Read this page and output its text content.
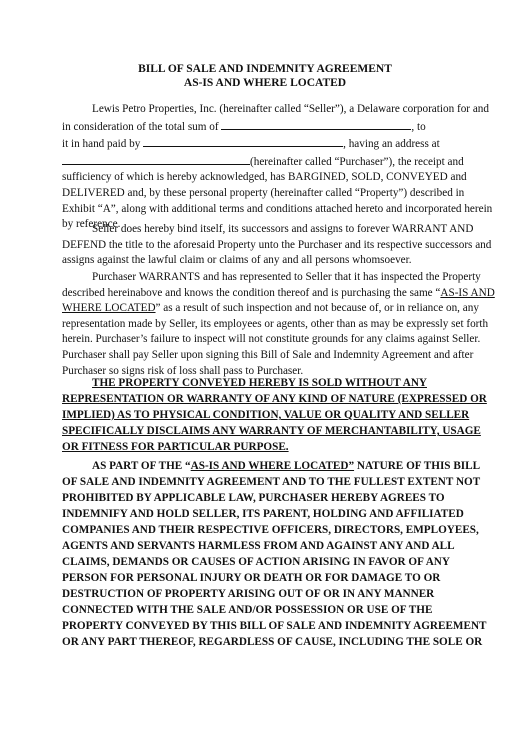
BILL OF SALE AND INDEMNITY AGREEMENT
AS-IS AND WHERE LOCATED

Lewis Petro Properties, Inc. (hereinafter called “Seller”), a Delaware corporation for and

in consideration of the total sum of	, to

it in hand paid by	, having an address at

(hereinafter called “Purchaser”), the receipt and

sufficiency of which is hereby acknowledged, has BARGINED, SOLD, CONVEYED and

DELIVERED and, by these personal property (hereinafter called “Property”) described in

Exhibit “A”, along with additional terms and conditions attached hereto and incorporated herein

by reference.

Seller does hereby bind itself, its successors and assigns to forever WARRANT AND

DEFEND the title to the aforesaid Property unto the Purchaser and its respective successors and

assigns against the lawful claim or claims of any and all persons whomsoever.

Purchaser WARRANTS and has represented to Seller that it has inspected the Property

described hereinabove and knows the condition thereof and is purchasing the same “AS-IS AND

WHERE LOCATED” as a result of such inspection and not because of, or in reliance on, any

representation made by Seller, its employees or agents, other than as may be expressly set forth

herein. Purchaser’s failure to inspect will not constitute grounds for any claims against Seller.

Purchaser shall pay Seller upon signing this Bill of Sale and Indemnity Agreement and after

Purchaser so signs risk of loss shall pass to Purchaser.

THE PROPERTY CONVEYED HEREBY IS SOLD WITHOUT ANY

REPRESENTATION OR WARRANTY OF ANY KIND OF NATURE (EXPRESSED OR

IMPLIED) AS TO PHYSICAL CONDITION, VALUE OR QUALITY AND SELLER

SPECIFICALLY DISCLAIMS ANY WARRANTY OF MERCHANTABILITY, USAGE

OR FITNESS FOR PARTICULAR PURPOSE.

AS PART OF THE “AS-IS AND WHERE LOCATED” NATURE OF THIS BILL

OF SALE AND INDEMNITY AGREEMENT AND TO THE FULLEST EXTENT NOT

PROHIBITED BY APPLICABLE LAW, PURCHASER HEREBY AGREES TO

INDEMNIFY AND HOLD SELLER, ITS PARENT, HOLDING AND AFFILIATED

COMPANIES AND THEIR RESPECTIVE OFFICERS, DIRECTORS, EMPLOYEES,

AGENTS AND SERVANTS HARMLESS FROM AND AGAINST ANY AND ALL

CLAIMS, DEMANDS OR CAUSES OF ACTION ARISING IN FAVOR OF ANY

PERSON FOR PERSONAL INJURY OR DEATH OR FOR DAMAGE TO OR

DESTRUCTION OF PROPERTY ARISING OUT OF OR IN ANY MANNER

CONNECTED WITH THE SALE AND/OR POSSESSION OR USE OF THE

PROPERTY CONVEYED BY THIS BILL OF SALE AND INDEMNITY AGREEMENT

OR ANY PART THEREOF, REGARDLESS OF CAUSE, INCLUDING THE SOLE OR
